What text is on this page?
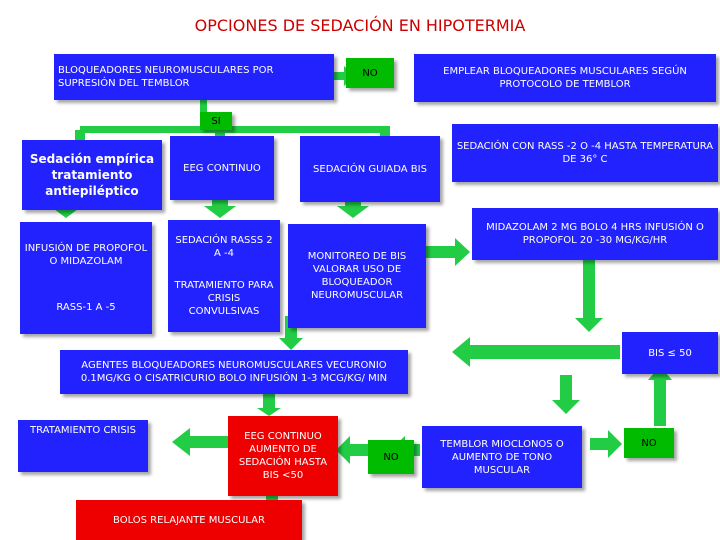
OPCIONES DE SEDACIÓN EN HIPOTERMIA
BLOQUEADORES NEUROMUSCULARES POR SUPRESIÓN DEL TEMBLOR
NO	EMPLEAR BLOQUEADORES MUSCULARES SEGÚN PROTOCOLO DE TEMBLOR
SI
Sedación empírica tratamiento antiepiléptico
EEG CONTINUO	SEDACIÓN GUIADA BIS
SEDACIÓN CON RASS -2 O -4 HASTA TEMPERATURA DE 36° C
MIDAZOLAM 2 MG BOLO 4 HRS INFUSIÓN O PROPOFOL 20 -30 MG/KG/HR
INFUSIÓN DE PROPOFOL O MIDAZOLAM
RASS-1 A -5
SEDACIÓN RASSS 2 A -4
TRATAMIENTO PARA CRISIS CONVULSIVAS
MONITOREO DE BIS VALORAR USO DE BLOQUEADOR NEUROMUSCULAR
BIS ≤ 50
AGENTES BLOQUEADORES NEUROMUSCULARES VECURONIO 0.1MG/KG O CISATRICURIO BOLO INFUSIÓN 1-3 MCG/KG/ MIN
TRATAMIENTO CRISIS
EEG CONTINUO AUMENTO DE SEDACIÓN HASTA BIS <50
NO
TEMBLOR MIOCLONOS O AUMENTO DE TONO MUSCULAR
NO
BOLOS RELAJANTE MUSCULAR
